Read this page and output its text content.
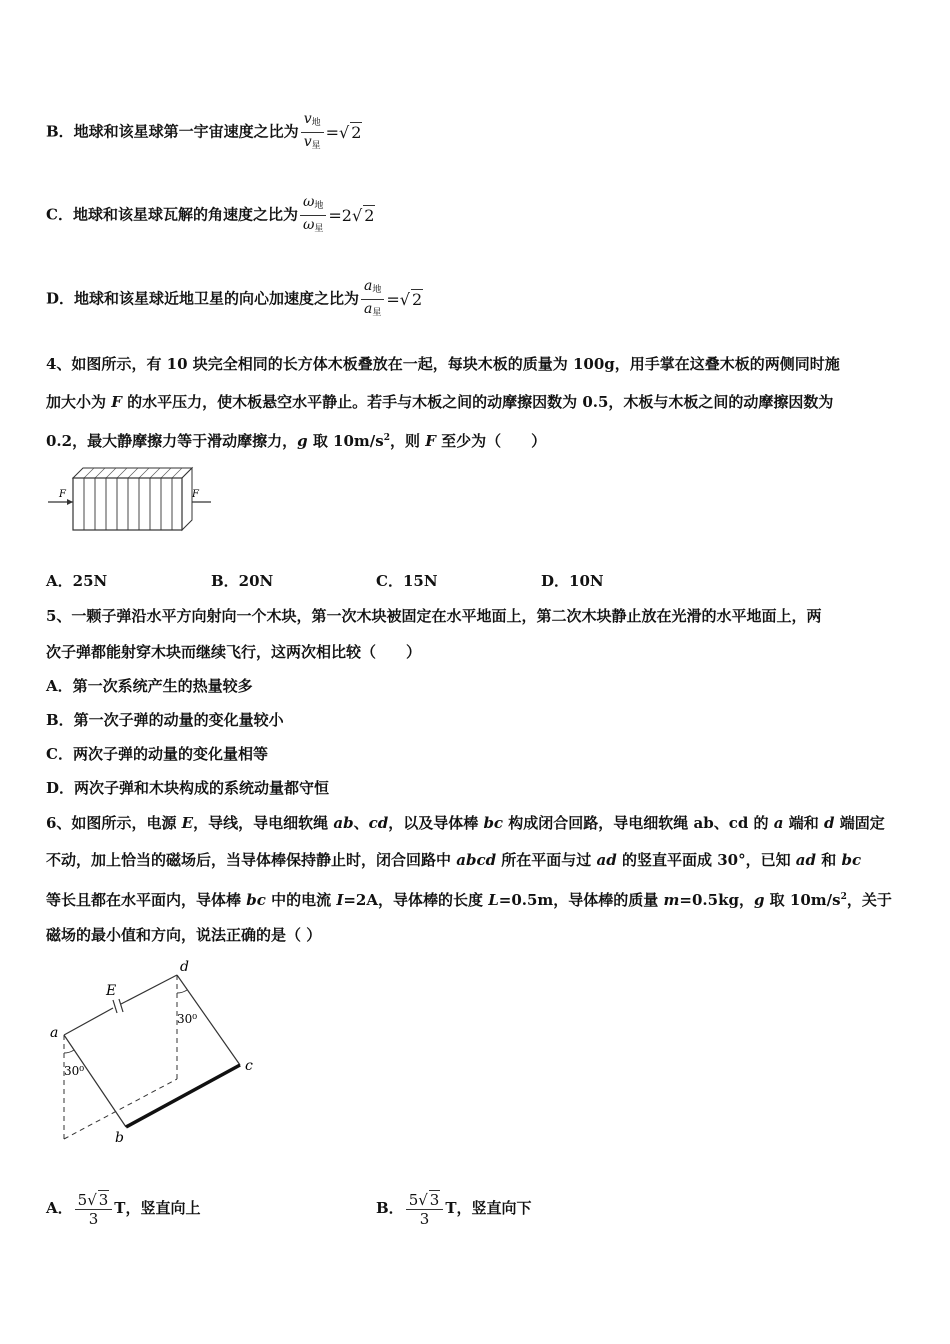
B．地球和该星球第一宇宙速度之比为 $\frac{v_地}{v_星}$ =√ 2
C．地球和该星球瓦解的角速度之比为 $\frac{\omega_地}{\omega_星} =2√$ 2
D．地球和该星球近地卫星的向心加速度之比为 $\frac{a_地}{a_星}$ =√ 2
4、如图所示，有 10 块完全相同的长方体木板叠放在一起，每块木板的质量为 100g，用手掌在这叠木板的两侧同时施
加大小为 F 的水平压力，使木板悬空水平静止。若手与木板之间的动摩擦因数为 0.5，木板与木板之间的动摩擦因数为
0.2，最大静摩擦力等于滑动摩擦力，g 取 $10m/s^2$，则 F 至少为（　　）
F	F
A．25N	B．20N	C．15N	D．10N
5、一颗子弹沿水平方向射向一个木块，第一次木块被固定在水平地面上，第二次木块静止放在光滑的水平地面上，两
次子弹都能射穿木块而继续飞行，这两次相比较（　　）
A．第一次系统产生的热量较多
B．第一次子弹的动量的变化量较小
C．两次子弹的动量的变化量相等
D．两次子弹和木块构成的系统动量都守恒
6、如图所示，电源 E，导线，导电细软绳 ab、cd，以及导体棒 bc 构成闭合回路，导电细软绳 ab、cd 的 a 端和 d 端固定
不动，加上恰当的磁场后，当导体棒保持静止时，闭合回路中 abcd 所在平面与过 ad 的竖直平面成 30°，已知 ad 和 bc
等长且都在水平面内，导体棒 bc 中的电流 I=2A，导体棒的长度 L=0.5m，导体棒的质量 m=0.5kg，g 取 $10m/s^2$，关于
磁场的最小值和方向，说法正确的是（ ）
E
a
b
c
d
30⁰
30⁰
A． $\frac{5√ 3}{3}$ T，竖直向上	B． $\frac{5√ 3}{3}$ T，竖直向下
